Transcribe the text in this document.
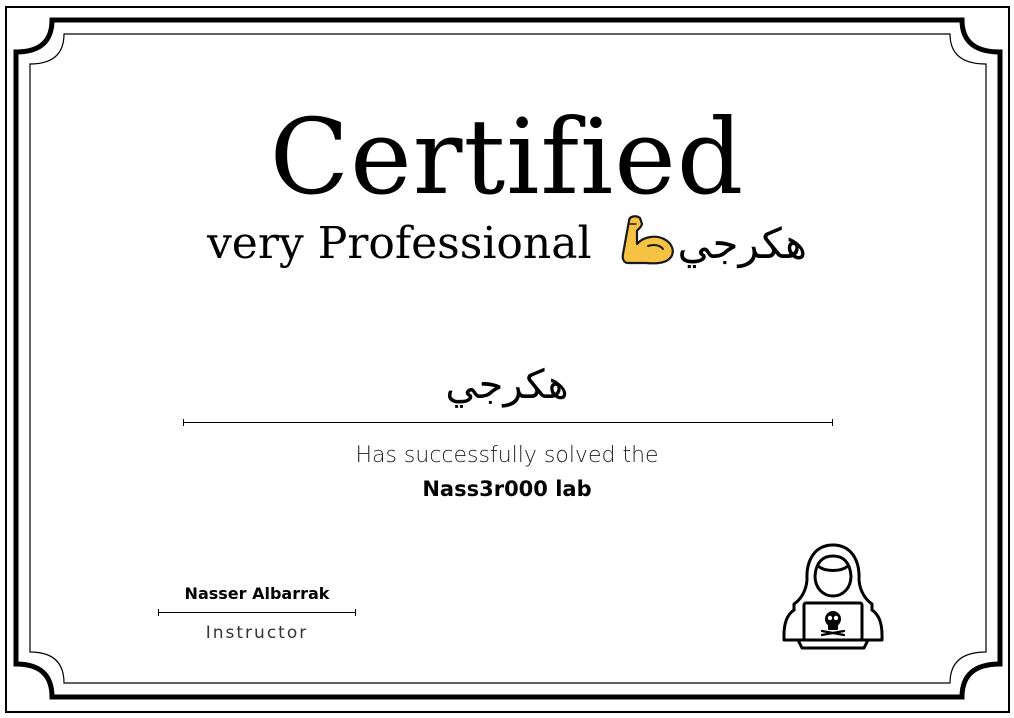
Certified
very Professional هكرجي
هكرجي
Has successfully solved the
Nass3r000 lab
Nasser Albarrak
Instructor
